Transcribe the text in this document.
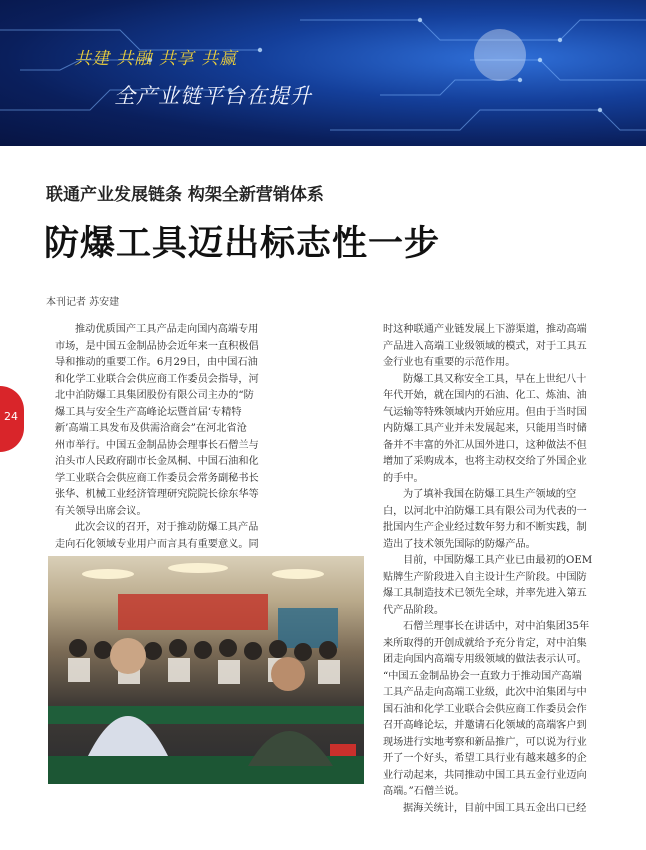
共建 共融 共享 共赢
全产业链平台在提升
联通产业发展链条 构架全新营销体系
防爆工具迈出标志性一步
本刊记者 苏安建
24
推动优质国产工具产品走向国内高端专用
市场，是中国五金制品协会近年来一直积极倡
导和推动的重要工作。6月29日，由中国石油
和化学工业联合会供应商工作委员会指导，河
北中泊防爆工具集团股份有限公司主办的“防
爆工具与安全生产高峰论坛暨首届‘专精特
新’高端工具发布及供需洽商会”在河北省沧
州市举行。中国五金制品协会理事长石僧兰与
泊头市人民政府副市长金凤桐、中国石油和化
学工业联合会供应商工作委员会常务副秘书长
张华、机械工业经济管理研究院院长徐东华等
有关领导出席会议。
此次会议的召开，对于推动防爆工具产品
走向石化领域专业用户而言具有重要意义。同
时这种联通产业链发展上下游渠道，推动高端
产品进入高端工业级领域的模式，对于工具五
金行业也有重要的示范作用。
防爆工具又称安全工具，早在上世纪八十
年代开始，就在国内的石油、化工、炼油、油
气运输等特殊领域内开始应用。但由于当时国
内防爆工具产业并未发展起来，只能用当时储
备并不丰富的外汇从国外进口，这种做法不但
增加了采购成本，也将主动权交给了外国企业
的手中。
为了填补我国在防爆工具生产领域的空
白，以河北中泊防爆工具有限公司为代表的一
批国内生产企业经过数年努力和不断实践，制
造出了技术领先国际的防爆产品。
目前，中国防爆工具产业已由最初的OEM
贴牌生产阶段进入自主设计生产阶段。中国防
爆工具制造技术已领先全球，并率先进入第五
代产品阶段。
石僧兰理事长在讲话中，对中泊集团35年
来所取得的开创成就给予充分肯定，对中泊集
团走向国内高端专用级领域的做法表示认可。
“中国五金制品协会一直致力于推动国产高端
工具产品走向高端工业级，此次中泊集团与中
国石油和化学工业联合会供应商工作委员会作
召开高峰论坛，并邀请石化领域的高端客户到
现场进行实地考察和新品推广，可以说为行业
开了一个好头，希望工具行业有越来越多的企
业行动起来，共同推动中国工具五金行业迈向
高端。”石僧兰说。
据海关统计，目前中国工具五金出口已经
